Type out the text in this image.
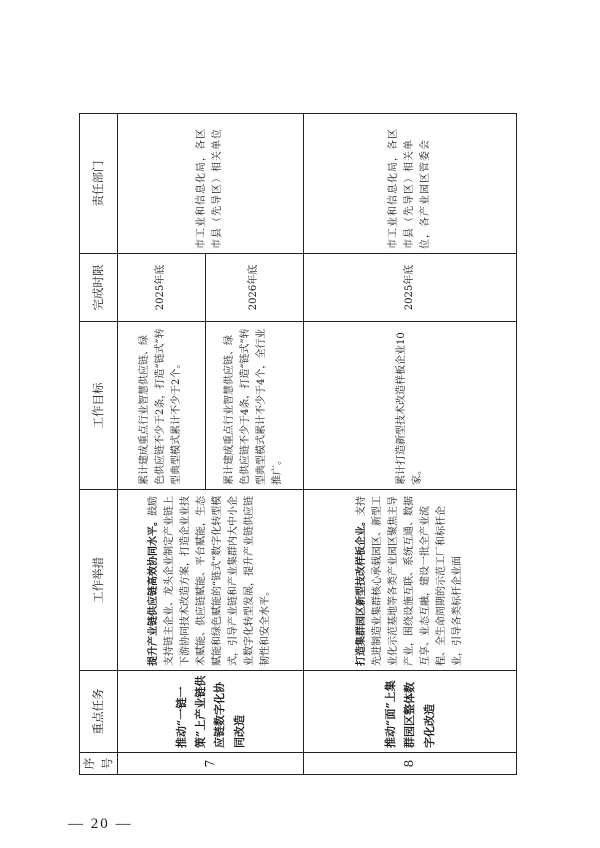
序号	重点任务	工作举措	工作目标	完成时限	责任部门
7	推动“一链一策”上产业链供应链数字化协同改造	提升产业链供应链高效协同水平。鼓励支持链主企业、龙头企业制定产业链上下游协同技术改造方案，打造企业业技术赋能、供应链赋能、平台赋能，生态赋能和绿色赋能的“链式”数字化转型模式，引导产业链和产业集群内大中小企业数字化转型发展，提升产业链供应链韧性和安全水平。	累计建成重点行业智慧供应链、绿色供应链不少于2条，打造“链式”转型典型模式累计不少于2个。	2025年底	市工业和信息化局，各区市县（先导区）相关单位
			累计建成重点行业智慧供应链、绿色供应链不少于4条，打造“链式”转型典型模式累计不少于4个，全行业推广。	2026年底	
8	推动“面”上集群园区整体数字化改造	打造集群园区新型技改样板企业。支持先进制造业集群核心承载园区、新型工业化示范基地等各类产业园区聚焦主导产业，围绕设施互联、系统互通、数据互享、业态互融，建设一批全产业流程、全生命周期的示范工厂和标杆企业，引导各类标杆企业面	累计打造新型技术改造样板企业10家。	2025年底	市工业和信息化局，各区市县（先导区）相关单位，各产业园区管委会
— 20 —
